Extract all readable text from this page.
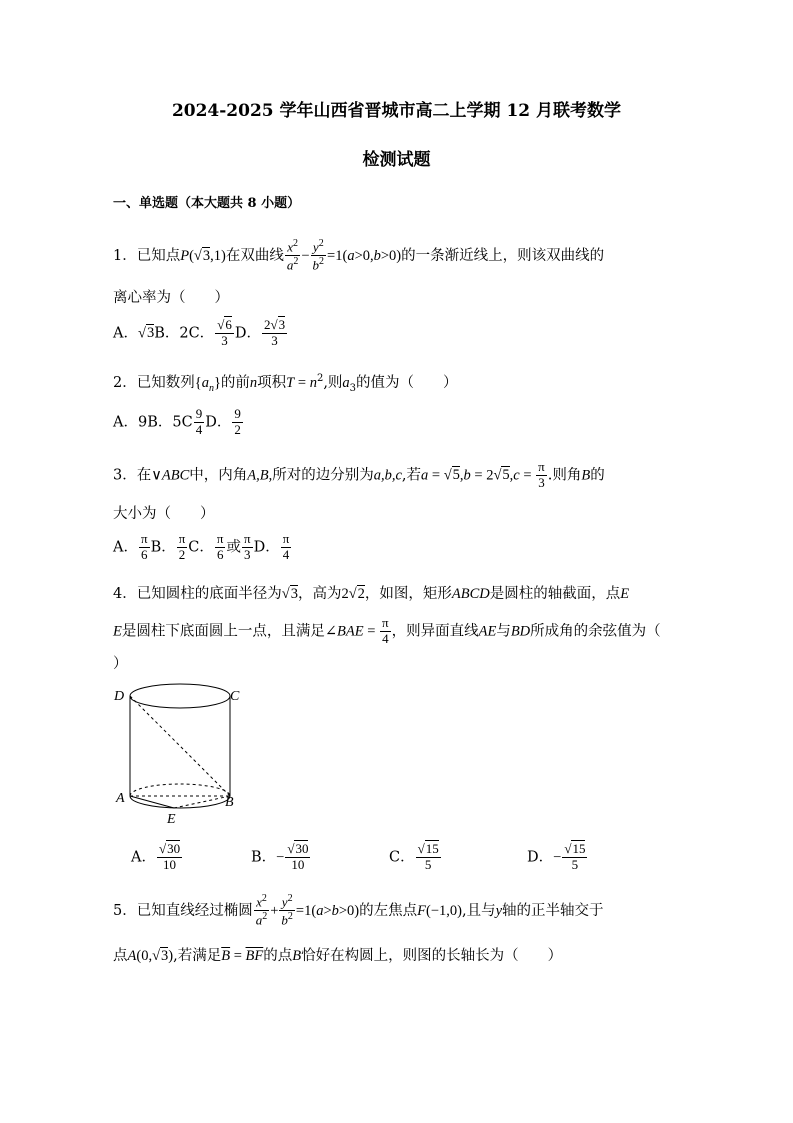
2024-2025 学年山西省晋城市高二上学期 12 月联考数学
检测试题
一、单选题（本大题共 8 小题）
1．已知点P(√3,1)在双曲线 $\frac{x^2}{a^2} - \frac{y^2}{b^2} =1(a>0,b>0)$的一条渐近线上，则该双曲线的
离心率为（　　）
A．√3B．2C． $\frac{√6}{3}$ D． $\frac{2√3}{3}$
2．已知数列$\{a_n\}$的前n项积$T = n^2$,则$a_3$的值为（　　）
A．9B．$5C \frac{9}{4}$ D． $\frac{9}{2}$
3．在∨ABC中，内角A,B,所对的边分别为a,b,c,若$a = √5,b = 2√5,c = \frac{\pi}{3}$ .则角B的
大小为（　　）
A． $\frac{\pi}{6}$ B． $\frac{\pi}{2}$ C． $\frac{\pi}{6}$ 或 $\frac{\pi}{3}$ D． $\frac{\pi}{4}$
4．已知圆柱的底面半径为√3，高为2√2，如图，矩形ABCD是圆柱的轴截面，点E
E是圆柱下底面圆上一点，且满足∠BAE = $\frac{\pi}{4}$ ，则异面直线AE与BD所成角的余弦值为（
）
D	C
A	B
E
A． $\frac{√30}{10}$	B．− $\frac{√30}{10}$	C． $\frac{√15}{5}$	D．− $\frac{√15}{5}$
5．已知直线经过椭圆 $\frac{x^2}{a^2} + \frac{y^2}{b^2} =1(a>b>0)$的左焦点F(−1,0),且与y轴的正半轴交于
点A(0,√3),若满足$\overline{B} = \overline{BF}$的点B恰好在构圆上，则图的长轴长为（　　）
